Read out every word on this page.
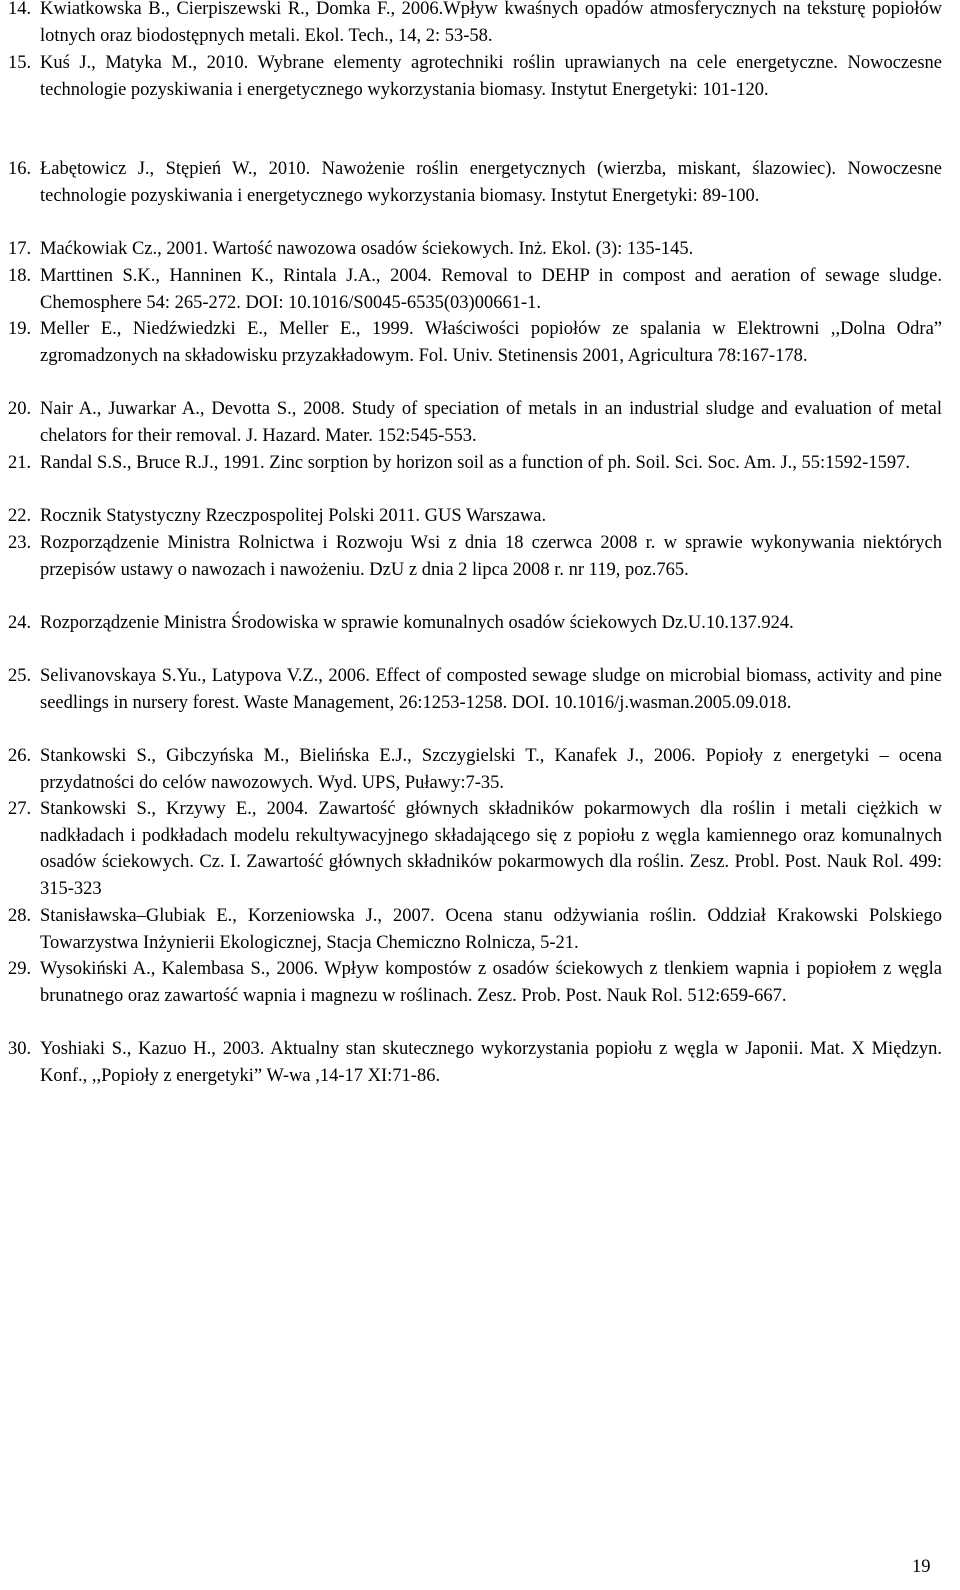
14. Kwiatkowska B., Cierpiszewski R., Domka F., 2006.Wpływ kwaśnych opadów atmosferycznych na teksturę popiołów lotnych oraz biodostępnych metali. Ekol. Tech., 14, 2: 53-58.
15. Kuś J., Matyka M., 2010. Wybrane elementy agrotechniki roślin uprawianych na cele energetyczne. Nowoczesne technologie pozyskiwania i energetycznego wykorzystania biomasy. Instytut Energetyki: 101-120.
16. Łabętowicz J., Stępień W., 2010. Nawożenie roślin energetycznych (wierzba, miskant, ślazowiec). Nowoczesne technologie pozyskiwania i energetycznego wykorzystania biomasy. Instytut Energetyki: 89-100.
17. Maćkowiak Cz., 2001. Wartość nawozowa osadów ściekowych. Inż. Ekol. (3): 135-145.
18. Marttinen S.K., Hanninen K., Rintala J.A., 2004. Removal to DEHP in compost and aeration of sewage sludge. Chemosphere 54: 265-272. DOI: 10.1016/S0045-6535(03)00661-1.
19. Meller E., Niedźwiedzki E., Meller E., 1999. Właściwości popiołów ze spalania w Elektrowni ,,Dolna Odra” zgromadzonych na składowisku przyzakładowym. Fol. Univ. Stetinensis 2001, Agricultura 78:167-178.
20. Nair A., Juwarkar A., Devotta S., 2008. Study of speciation of metals in an industrial sludge and evaluation of metal chelators for their removal. J. Hazard. Mater. 152:545-553.
21. Randal S.S., Bruce R.J., 1991. Zinc sorption by horizon soil as a function of ph. Soil. Sci. Soc. Am. J., 55:1592-1597.
22. Rocznik Statystyczny Rzeczpospolitej Polski 2011. GUS Warszawa.
23. Rozporządzenie Ministra Rolnictwa i Rozwoju Wsi z dnia 18 czerwca 2008 r. w sprawie wykonywania niektórych przepisów ustawy o nawozach i nawożeniu. DzU z dnia 2 lipca 2008 r. nr 119, poz.765.
24. Rozporządzenie Ministra Środowiska w sprawie komunalnych osadów ściekowych Dz.U.10.137.924.
25. Selivanovskaya S.Yu., Latypova V.Z., 2006. Effect of composted sewage sludge on microbial biomass, activity and pine seedlings in nursery forest. Waste Management, 26:1253-1258. DOI. 10.1016/j.wasman.2005.09.018.
26. Stankowski S., Gibczyńska M., Bielińska E.J., Szczygielski T., Kanafek J., 2006. Popioły z energetyki – ocena przydatności do celów nawozowych. Wyd. UPS, Puławy:7-35.
27. Stankowski S., Krzywy E., 2004. Zawartość głównych składników pokarmowych dla roślin i metali ciężkich w nadkładach i podkładach modelu rekultywacyjnego składającego się z popiołu z węgla kamiennego oraz komunalnych osadów ściekowych. Cz. I. Zawartość głównych składników pokarmowych dla roślin. Zesz. Probl. Post. Nauk Rol. 499: 315-323
28. Stanisławska–Glubiak E., Korzeniowska J., 2007. Ocena stanu odżywiania roślin. Oddział Krakowski Polskiego Towarzystwa Inżynierii Ekologicznej, Stacja Chemiczno Rolnicza, 5-21.
29. Wysokiński A., Kalembasa S., 2006. Wpływ kompostów z osadów ściekowych z tlenkiem wapnia i popiołem z węgla brunatnego oraz zawartość wapnia i magnezu w roślinach. Zesz. Prob. Post. Nauk Rol. 512:659-667.
30. Yoshiaki S., Kazuo H., 2003. Aktualny stan skutecznego wykorzystania popiołu z węgla w Japonii. Mat. X Międzyn. Konf., ,,Popioły z energetyki” W-wa ,14-17 XI:71-86.
19
